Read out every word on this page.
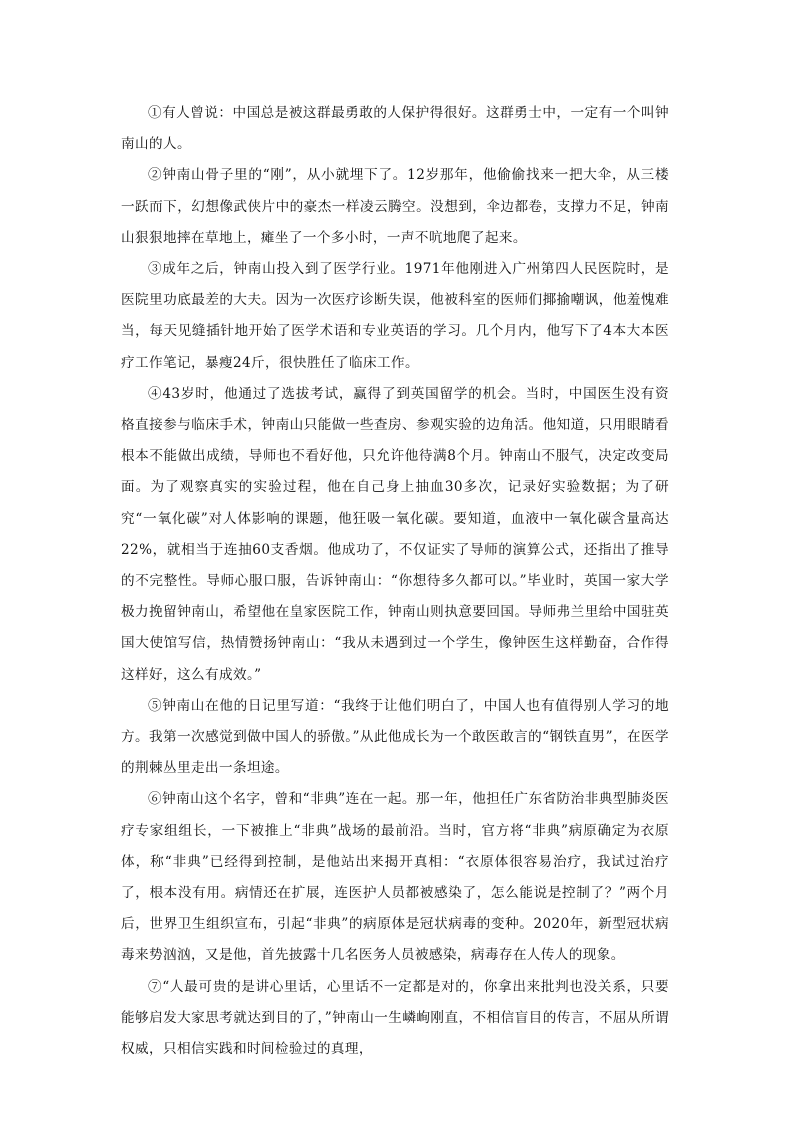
①有人曾说：中国总是被这群最勇敢的人保护得很好。这群勇士中，一定有一个叫钟南山的人。

②钟南山骨子里的“刚”，从小就埋下了。12岁那年，他偷偷找来一把大伞，从三楼一跃而下，幻想像武侠片中的豪杰一样凌云腾空。没想到，伞边都卷，支撑力不足，钟南山狠狠地摔在草地上，瘫坐了一个多小时，一声不吭地爬了起来。

③成年之后，钟南山投入到了医学行业。1971年他刚进入广州第四人民医院时，是医院里功底最差的大夫。因为一次医疗诊断失误，他被科室的医师们揶揄嘲讽，他羞愧难当，每天见缝插针地开始了医学术语和专业英语的学习。几个月内，他写下了4本大本医疗工作笔记，暴瘦24斤，很快胜任了临床工作。

④43岁时，他通过了选拔考试，赢得了到英国留学的机会。当时，中国医生没有资格直接参与临床手术，钟南山只能做一些查房、参观实验的边角活。他知道，只用眼睛看根本不能做出成绩，导师也不看好他，只允许他待满8个月。钟南山不服气，决定改变局面。为了观察真实的实验过程，他在自己身上抽血30多次，记录好实验数据；为了研究“一氧化碳”对人体影响的课题，他狂吸一氧化碳。要知道，血液中一氧化碳含量高达22%，就相当于连抽60支香烟。他成功了，不仅证实了导师的演算公式，还指出了推导的不完整性。导师心服口服，告诉钟南山：“你想待多久都可以。”毕业时，英国一家大学极力挽留钟南山，希望他在皇家医院工作，钟南山则执意要回国。导师弗兰里给中国驻英国大使馆写信，热情赞扬钟南山：“我从未遇到过一个学生，像钟医生这样勤奋，合作得这样好，这么有成效。”

⑤钟南山在他的日记里写道：“我终于让他们明白了，中国人也有值得别人学习的地方。我第一次感觉到做中国人的骄傲。”从此他成长为一个敢医敢言的“钢铁直男”，在医学的荆棘丛里走出一条坦途。

⑥钟南山这个名字，曾和“非典”连在一起。那一年，他担任广东省防治非典型肺炎医疗专家组组长，一下被推上“非典”战场的最前沿。当时，官方将“非典”病原确定为衣原体，称“非典”已经得到控制，是他站出来揭开真相：“衣原体很容易治疗，我试过治疗了，根本没有用。病情还在扩展，连医护人员都被感染了，怎么能说是控制了？”两个月后，世界卫生组织宣布，引起“非典”的病原体是冠状病毒的变种。2020年，新型冠状病毒来势汹汹，又是他，首先披露十几名医务人员被感染，病毒存在人传人的现象。

⑦“人最可贵的是讲心里话，心里话不一定都是对的，你拿出来批判也没关系，只要能够启发大家思考就达到目的了，”钟南山一生嶙峋刚直，不相信盲目的传言，不屈从所谓权威，只相信实践和时间检验过的真理，
